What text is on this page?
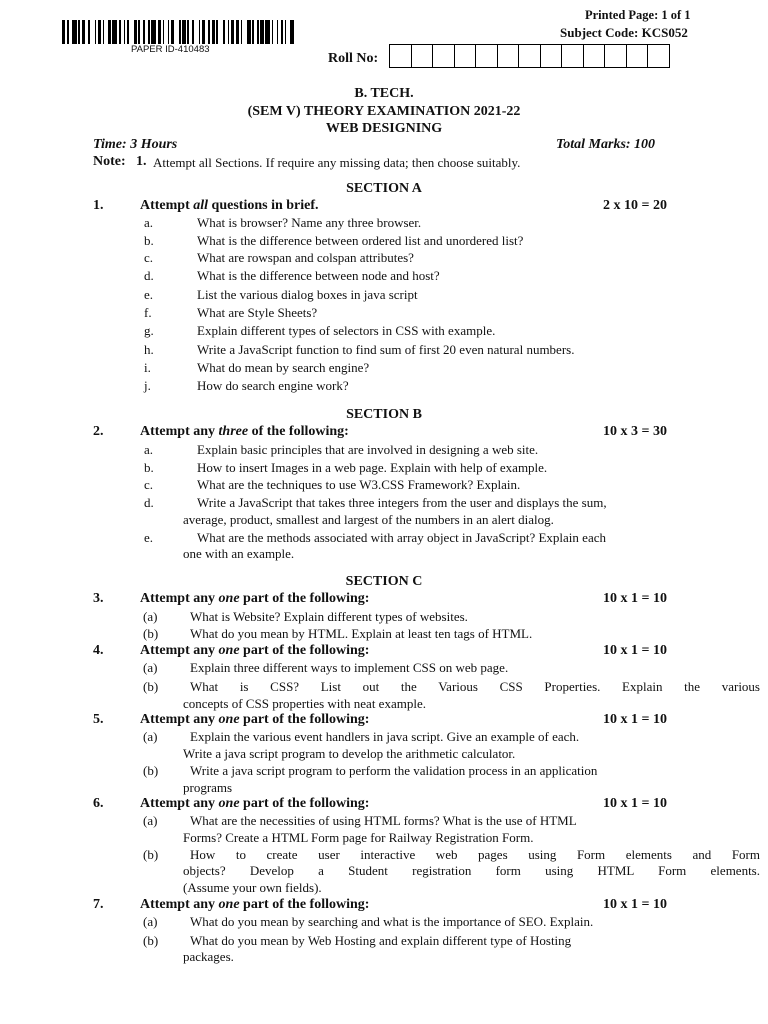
PAPER ID-410483
Printed Page: 1 of 1
Subject Code: KCS052
Roll No:
B. TECH.
(SEM V) THEORY EXAMINATION 2021-22
WEB DESIGNING
Time: 3 Hours	Total Marks: 100
Note: 1. Attempt all Sections. If require any missing data; then choose suitably.
SECTION A
1.	Attempt all questions in brief.	2 x 10 = 20
a.	What is browser? Name any three browser.
b.	What is the difference between ordered list and unordered list?
c.	What are rowspan and colspan attributes?
d.	What is the difference between node and host?
e.	List the various dialog boxes in java script
f.	What are Style Sheets?
g.	Explain different types of selectors in CSS with example.
h.	Write a JavaScript function to find sum of first 20 even natural numbers.
i.	What do mean by search engine?
j.	How do search engine work?
SECTION B
2.	Attempt any three of the following:	10 x 3 = 30
a.	Explain basic principles that are involved in designing a web site.
b.	How to insert Images in a web page. Explain with help of example.
c.	What are the techniques to use W3.CSS Framework? Explain.
d.	Write a JavaScript that takes three integers from the user and displays the sum,
average, product, smallest and largest of the numbers in an alert dialog.
e.	What are the methods associated with array object in JavaScript? Explain each
one with an example.
SECTION C
3.	Attempt any one part of the following:	10 x 1 = 10
(a)	What is Website? Explain different types of websites.
(b) What do you mean by HTML. Explain at least ten tags of HTML.
4.	Attempt any one part of the following:	10 x 1 = 10
(a)	Explain three different ways to implement CSS on web page.
(b) What is CSS? List out the Various CSS Properties. Explain the various
concepts of CSS properties with neat example.
5.	Attempt any one part of the following:	10 x 1 = 10
(a)	Explain the various event handlers in java script. Give an example of each.
Write a java script program to develop the arithmetic calculator.
(b) Write a java script program to perform the validation process in an application
programs
6.	Attempt any one part of the following:	10 x 1 = 10
(a)	What are the necessities of using HTML forms? What is the use of HTML
Forms? Create a HTML Form page for Railway Registration Form.
(b) How to create user interactive web pages using Form elements and Form
objects? Develop a Student registration form using HTML Form elements.
(Assume your own fields).
7.	Attempt any one part of the following:	10 x 1 = 10
(a)	What do you mean by searching and what is the importance of SEO. Explain.
(b) What do you mean by Web Hosting and explain different type of Hosting
packages.
